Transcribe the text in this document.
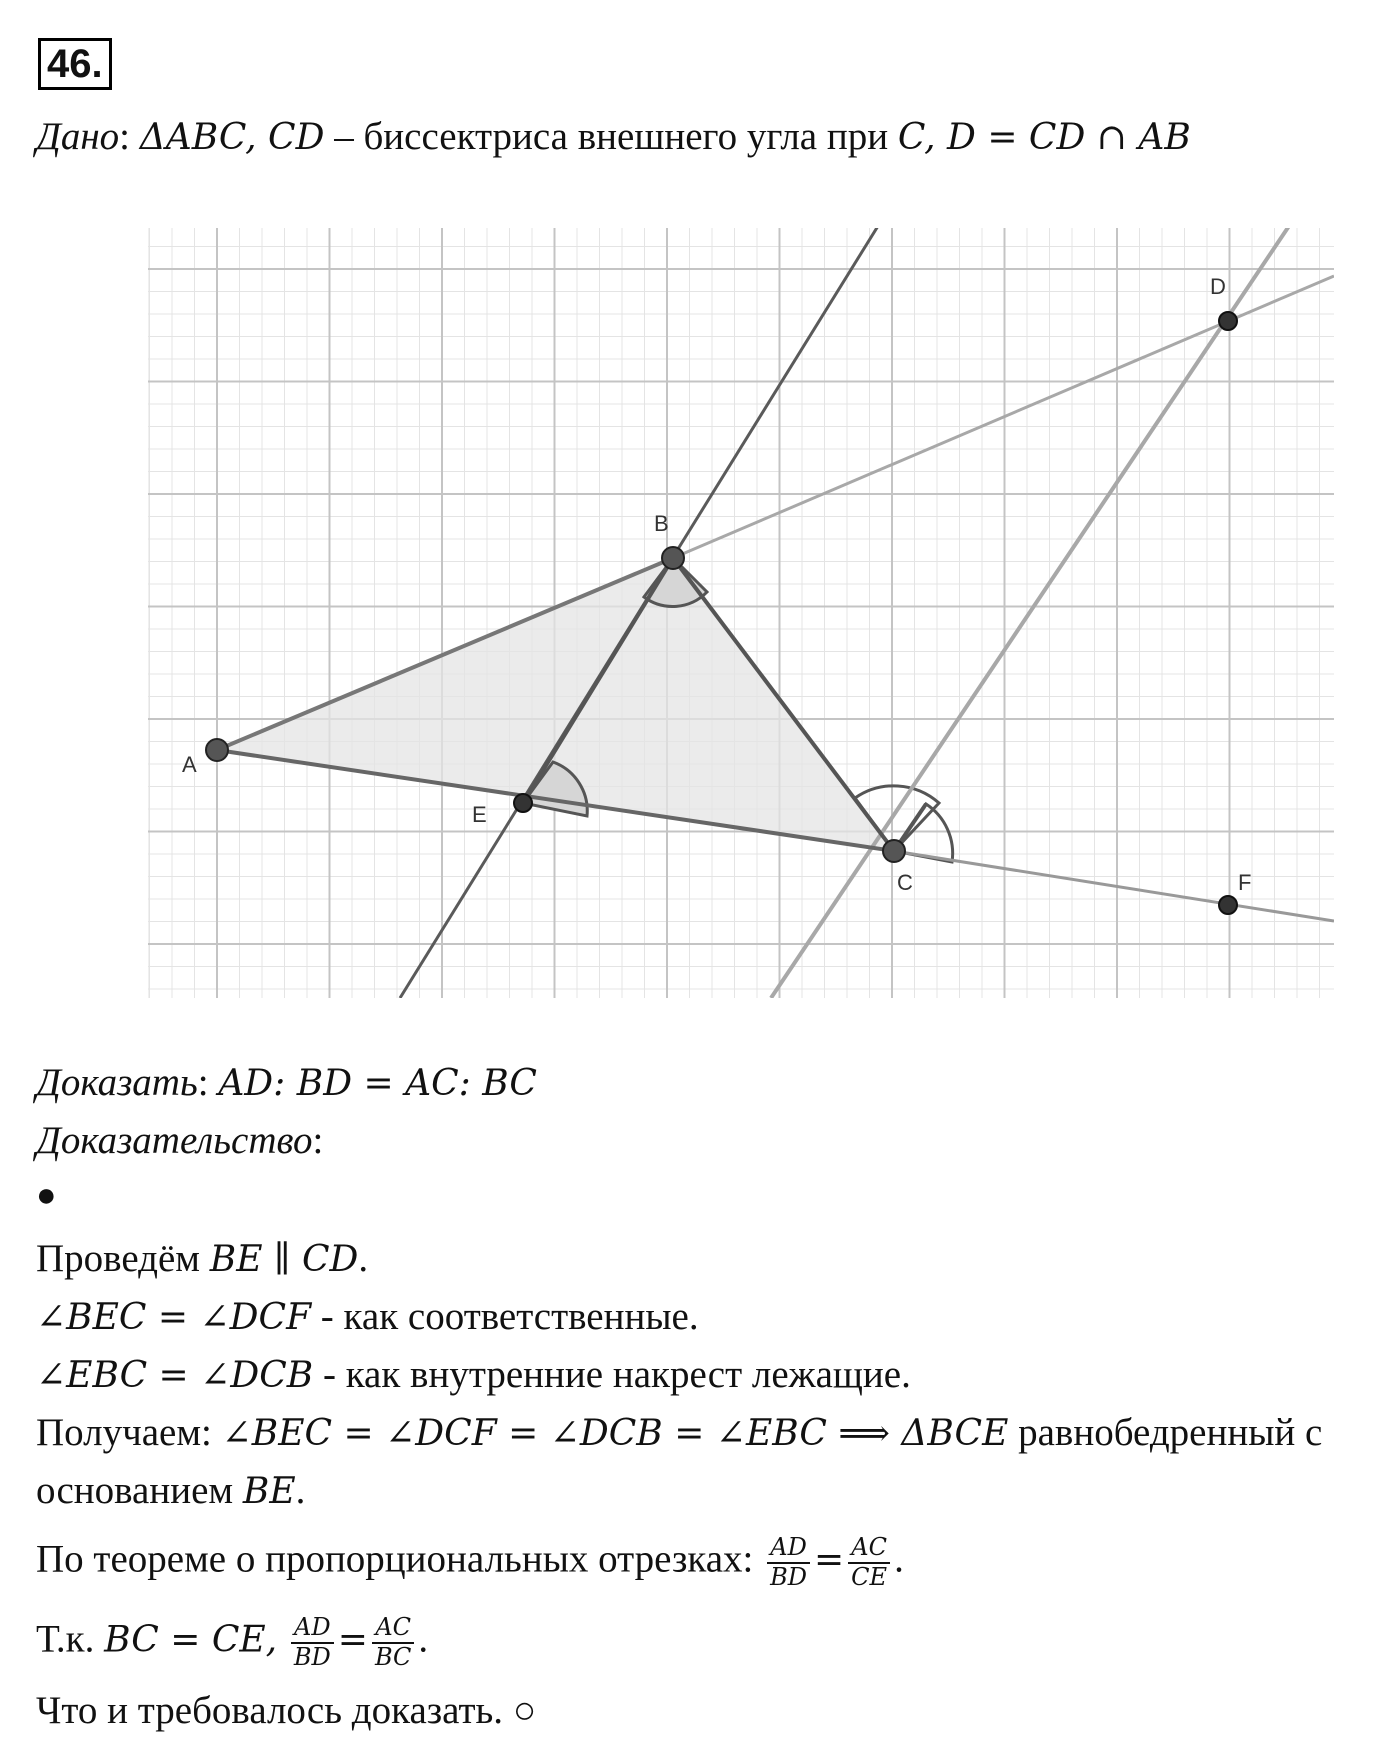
46.
Дано: ΔABC, CD – биссектриса внешнего угла при C, D = CD ∩ AB
A
B
C
D
E
F
Доказать: AD: BD = AC: BC
Доказательство:
●
Проведём BE ∥ CD.
∠BEC = ∠DCF - как соответственные.
∠EBC = ∠DCB - как внутренние накрест лежащие.
Получаем: ∠BEC = ∠DCF = ∠DCB = ∠EBC ⟹ ΔBCE равнобедренный с
основанием BE.
По теореме о пропорциональных отрезках: $\frac{AD}{BD} = \frac{AC}{CE}$ .
Т.к. BC = CE, $\frac{AD}{BD} = \frac{AC}{BC}$ .
Что и требовалось доказать. ○
